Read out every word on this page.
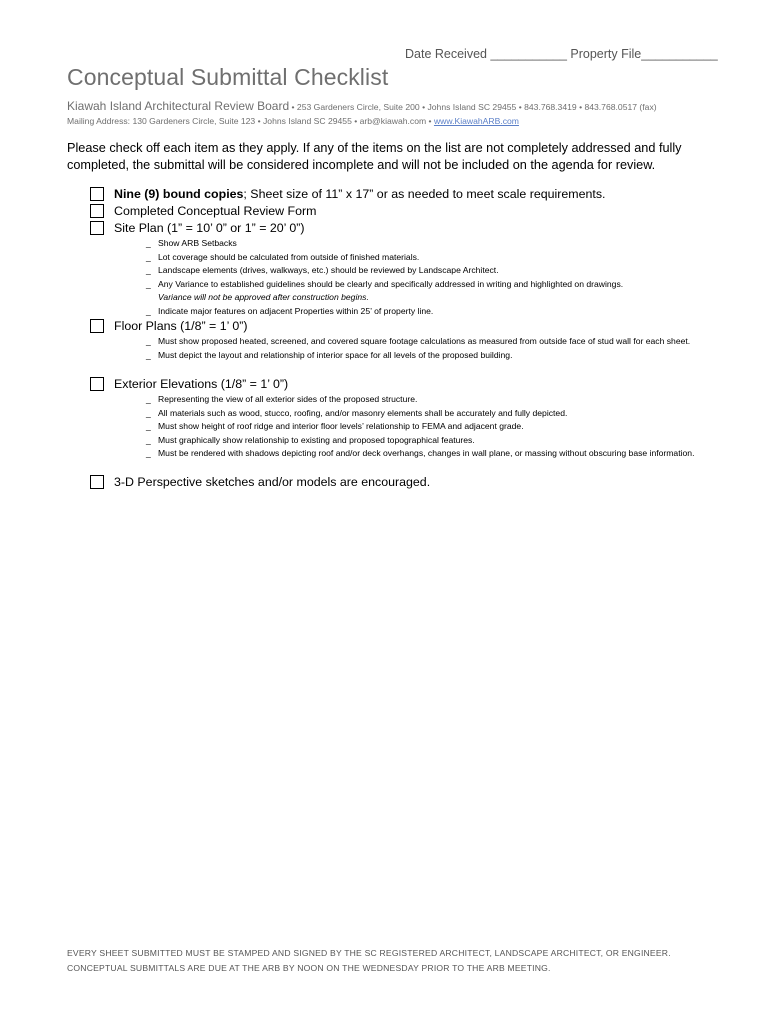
Date Received ___________ Property File___________
Conceptual Submittal Checklist
Kiawah Island Architectural Review Board • 253 Gardeners Circle, Suite 200 • Johns Island SC 29455 • 843.768.3419 • 843.768.0517 (fax)
Mailing Address: 130 Gardeners Circle, Suite 123 • Johns Island SC 29455 • arb@kiawah.com • www.KiawahARB.com

Please check off each item as they apply. If any of the items on the list are not completely addressed and fully completed, the submittal will be considered incomplete and will not be included on the agenda for review.

Nine (9) bound copies; Sheet size of 11” x 17” or as needed to meet scale requirements.
Completed Conceptual Review Form
Site Plan (1” = 10’ 0” or 1” = 20’ 0”)
_ Show ARB Setbacks
_ Lot coverage should be calculated from outside of finished materials.
_ Landscape elements (drives, walkways, etc.) should be reviewed by Landscape Architect.
_ Any Variance to established guidelines should be clearly and specifically addressed in writing and highlighted on drawings.
Variance will not be approved after construction begins.
_ Indicate major features on adjacent Properties within 25’ of property line.
Floor Plans (1/8” = 1’ 0”)
_ Must show proposed heated, screened, and covered square footage calculations as measured from outside face of stud wall for each sheet.
_ Must depict the layout and relationship of interior space for all levels of the proposed building.
Exterior Elevations (1/8” = 1’ 0”)
_ Representing the view of all exterior sides of the proposed structure.
_ All materials such as wood, stucco, roofing, and/or masonry elements shall be accurately and fully depicted.
_ Must show height of roof ridge and interior floor levels’ relationship to FEMA and adjacent grade.
_ Must graphically show relationship to existing and proposed topographical features.
_ Must be rendered with shadows depicting roof and/or deck overhangs, changes in wall plane, or massing without obscuring base information.
3-D Perspective sketches and/or models are encouraged.
EVERY SHEET SUBMITTED MUST BE STAMPED AND SIGNED BY THE SC REGISTERED ARCHITECT, LANDSCAPE ARCHITECT, OR ENGINEER.
CONCEPTUAL SUBMITTALS ARE DUE AT THE ARB BY NOON ON THE WEDNESDAY PRIOR TO THE ARB MEETING.
